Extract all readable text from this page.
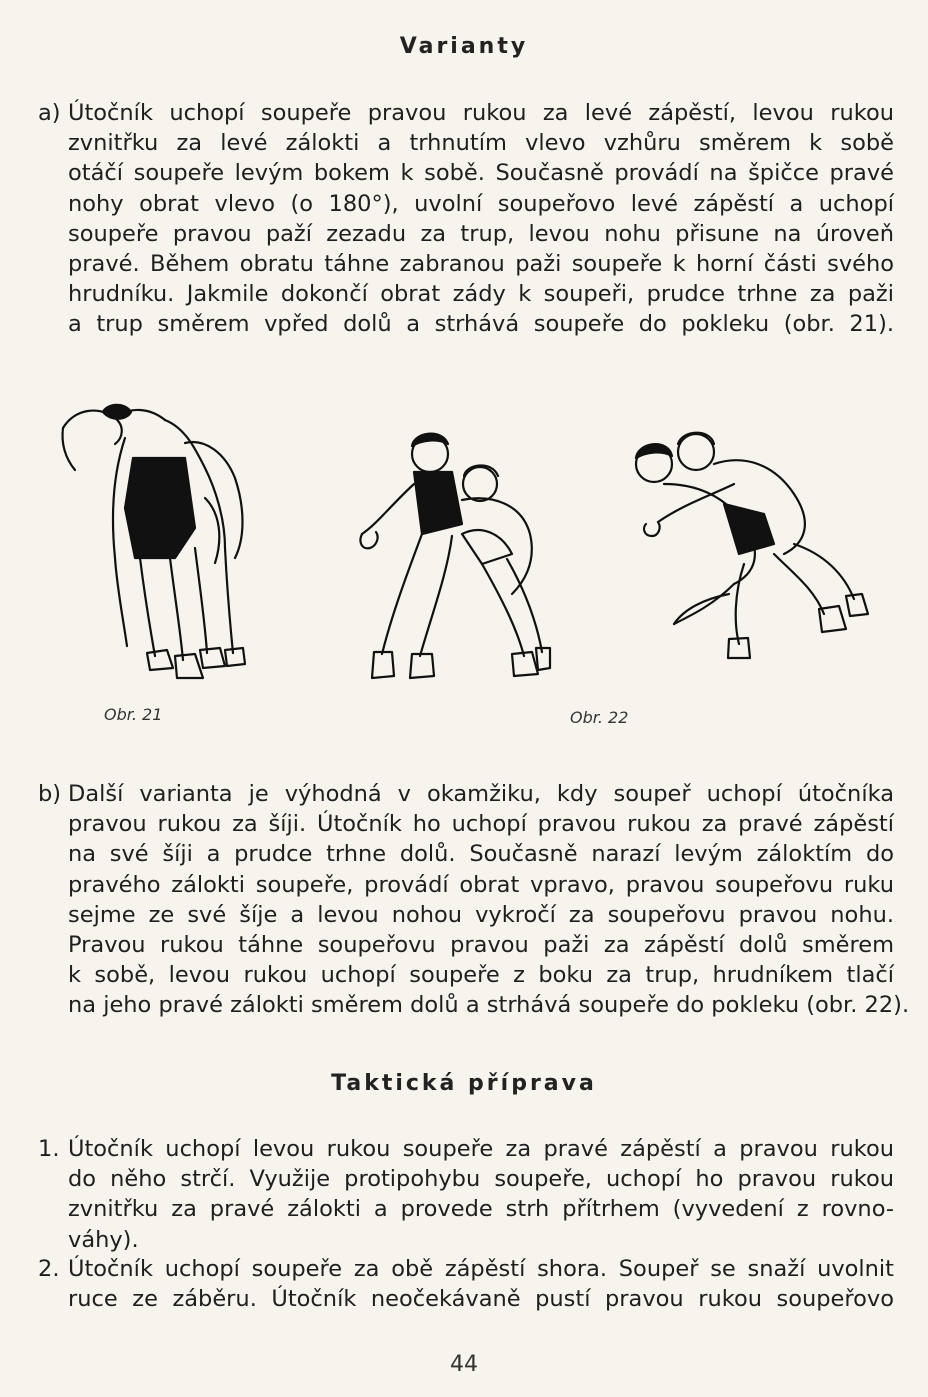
Varianty
a) Útočník uchopí soupeře pravou rukou za levé zápěstí, levou rukou
zvnitřku za levé zálokti a trhnutím vlevo vzhůru směrem k sobě
otáčí soupeře levým bokem k sobě. Současně provádí na špičce pravé
nohy obrat vlevo (o 180°), uvolní soupeřovo levé zápěstí a uchopí
soupeře pravou paží zezadu za trup, levou nohu přisune na úroveň
pravé. Během obratu táhne zabranou paži soupeře k horní části svého
hrudníku. Jakmile dokončí obrat zády k soupeři, prudce trhne za paži
a trup směrem vpřed dolů a strhává soupeře do pokleku (obr. 21).
Obr. 21	Obr. 22
b) Další varianta je výhodná v okamžiku, kdy soupeř uchopí útočníka
pravou rukou za šíji. Útočník ho uchopí pravou rukou za pravé zápěstí
na své šíji a prudce trhne dolů. Současně narazí levým záloktím do
pravého zálokti soupeře, provádí obrat vpravo, pravou soupeřovu ruku
sejme ze své šíje a levou nohou vykročí za soupeřovu pravou nohu.
Pravou rukou táhne soupeřovu pravou paži za zápěstí dolů směrem
k sobě, levou rukou uchopí soupeře z boku za trup, hrudníkem tlačí
na jeho pravé zálokti směrem dolů a strhává soupeře do pokleku (obr. 22).
Taktická příprava
1. Útočník uchopí levou rukou soupeře za pravé zápěstí a pravou rukou
do něho strčí. Využije protipohybu soupeře, uchopí ho pravou rukou
zvnitřku za pravé zálokti a provede strh přítrhem (vyvedení z rovno-
váhy).
2. Útočník uchopí soupeře za obě zápěstí shora. Soupeř se snaží uvolnit
ruce ze záběru. Útočník neočekávaně pustí pravou rukou soupeřovo
44
